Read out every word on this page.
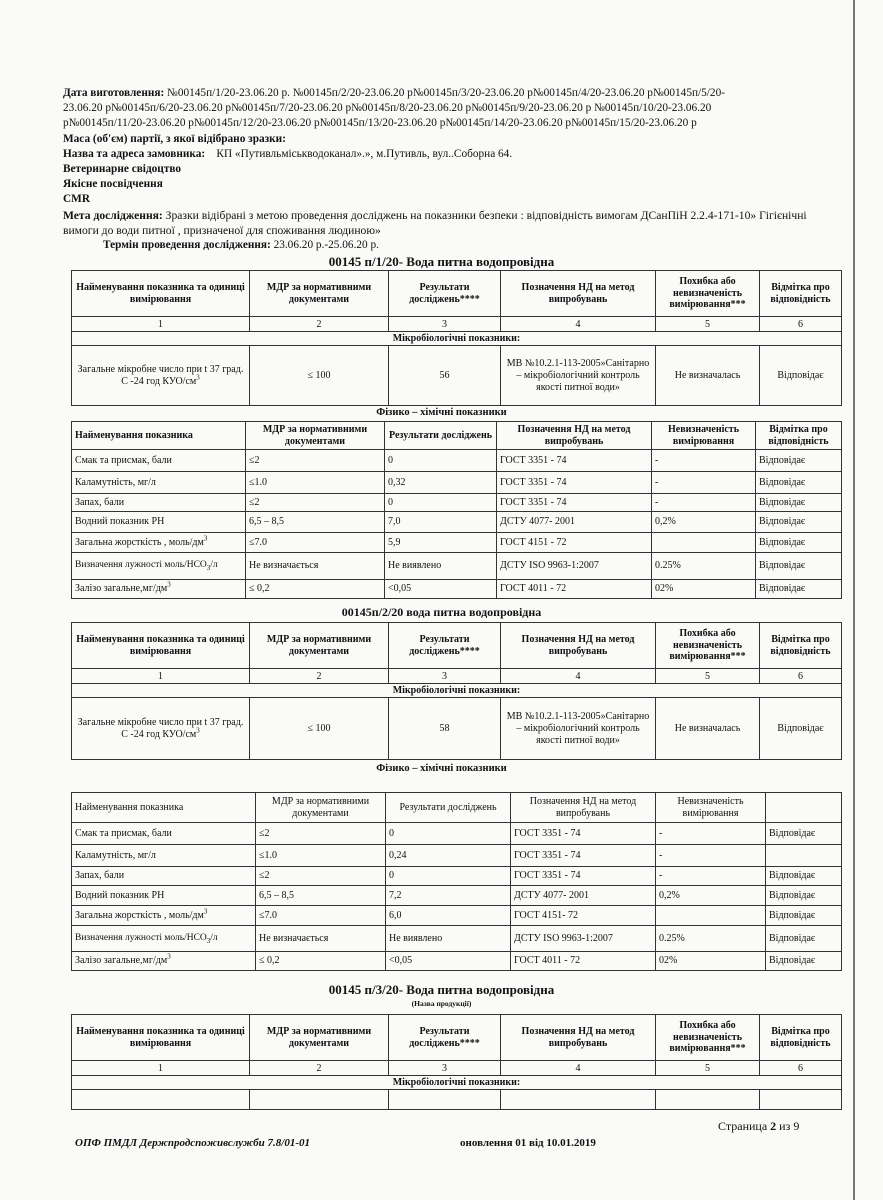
Дата виготовлення: №00145п/1/20-23.06.20 р. №00145п/2/20-23.06.20 р№00145п/3/20-23.06.20 р№00145п/4/20-23.06.20 р№00145п/5/20-
23.06.20 р№00145п/6/20-23.06.20 р№00145п/7/20-23.06.20 р№00145п/8/20-23.06.20 р№00145п/9/20-23.06.20 р №00145п/10/20-23.06.20
р№00145п/11/20-23.06.20 р№00145п/12/20-23.06.20 р№00145п/13/20-23.06.20 р№00145п/14/20-23.06.20 р№00145п/15/20-23.06.20 р
Маса (об'єм) партії, з якої відібрано зразки:
Назва та адреса замовника: КП «Путивльміськводоканал».», м.Путивль, вул..Соборна 64.
Ветеринарне свідоцтво
Якісне посвідчення
CMR
Мета дослідження: Зразки відібрані з метою проведення досліджень на показники безпеки : відповідність вимогам ДСанПіН 2.2.4-171-10» Гігієнічні вимоги до води питної , призначеної для споживання людиною»
Термін проведення дослідження: 23.06.20 р.-25.06.20 р.
00145 п/1/20- Вода питна водопровідна
Найменування показника та одиниці вимірювання	МДР за нормативними документами	Результати досліджень****	Позначення НД на метод випробувань	Похибка або невизначеність вимірювання***	Відмітка про відповідність
1	2	3	4	5	6
Мікробіологічні показники:					
Загальне мікробне число при t 37 град. С -24 год КУО/$см^3$	≤ 100	56	МВ №10.2.1-113-2005»Санітарно – мікробіологічний контроль якості питної води»	Не визначалась	Відповідає
Фізико – хімічні показники
Найменування показника	МДР за нормативними документами	Результати досліджень	Позначення НД на метод випробувань	Невизначеність вимірювання	Відмітка про відповідність
Смак та присмак, бали	≤2	0	ГОСТ 3351 - 74	-	Відповідає
Каламутність, мг/л	≤1.0	0,32	ГОСТ 3351 - 74	-	Відповідає
Запах, бали	≤2	0	ГОСТ 3351 - 74	-	Відповідає
Водний показник PH	6,5 – 8,5	7,0	ДСТУ 4077- 2001	0,2%	Відповідає
Загальна жорсткість , моль/$дм^3$	≤7.0	5,9	ГОСТ 4151 - 72		Відповідає
Визначення лужності моль/$НСО_3/л$	Не визначається	Не виявлено	ДСТУ ISO 9963-1:2007	0.25%	Відповідає
Залізо $загальне,мг/дм^3$	≤ 0,2	<0,05	ГОСТ 4011 - 72	02%	Відповідає
00145п/2/20 вода питна водопровідна
Найменування показника та одиниці вимірювання	МДР за нормативними документами	Результати досліджень****	Позначення НД на метод випробувань	Похибка або невизначеність вимірювання***	Відмітка про відповідність
1	2	3	4	5	6
Мікробіологічні показники:					
Загальне мікробне число при t 37 град. С -24 год КУО/$см^3$	≤ 100	58	МВ №10.2.1-113-2005»Санітарно – мікробіологічний контроль якості питної води»	Не визначалась	Відповідає
Фізико – хімічні показники
Найменування показника	МДР за нормативними документами	Результати досліджень	Позначення НД на метод випробувань	Невизначеність вимірювання	
Смак та присмак, бали	≤2	0	ГОСТ 3351 - 74	-	Відповідає
Каламутність, мг/л	≤1.0	0,24	ГОСТ 3351 - 74	-	
Запах, бали	≤2	0	ГОСТ 3351 - 74	-	Відповідає
Водний показник PH	6,5 – 8,5	7,2	ДСТУ 4077- 2001	0,2%	Відповідає
Загальна жорсткість , моль/$дм^3$	≤7.0	6,0	ГОСТ 4151- 72		Відповідає
Визначення лужності моль/$НСО_3/л$	Не визначається	Не виявлено	ДСТУ ISO 9963-1:2007	0.25%	Відповідає
Залізо $загальне,мг/дм^3$	≤ 0,2	<0,05	ГОСТ 4011 - 72	02%	Відповідає
00145 п/3/20- Вода питна водопровідна
(Назва продукції)
Найменування показника та одиниці вимірювання	МДР за нормативними документами	Результати досліджень****	Позначення НД на метод випробувань	Похибка або невизначеність вимірювання***	Відмітка про відповідність
1	2	3	4	5	6
Мікробіологічні показники:					

Страница 2 из 9
ОПФ ПМДЛ Держпродспоживслужби 7.8/01-01	оновлення 01 від 10.01.2019
